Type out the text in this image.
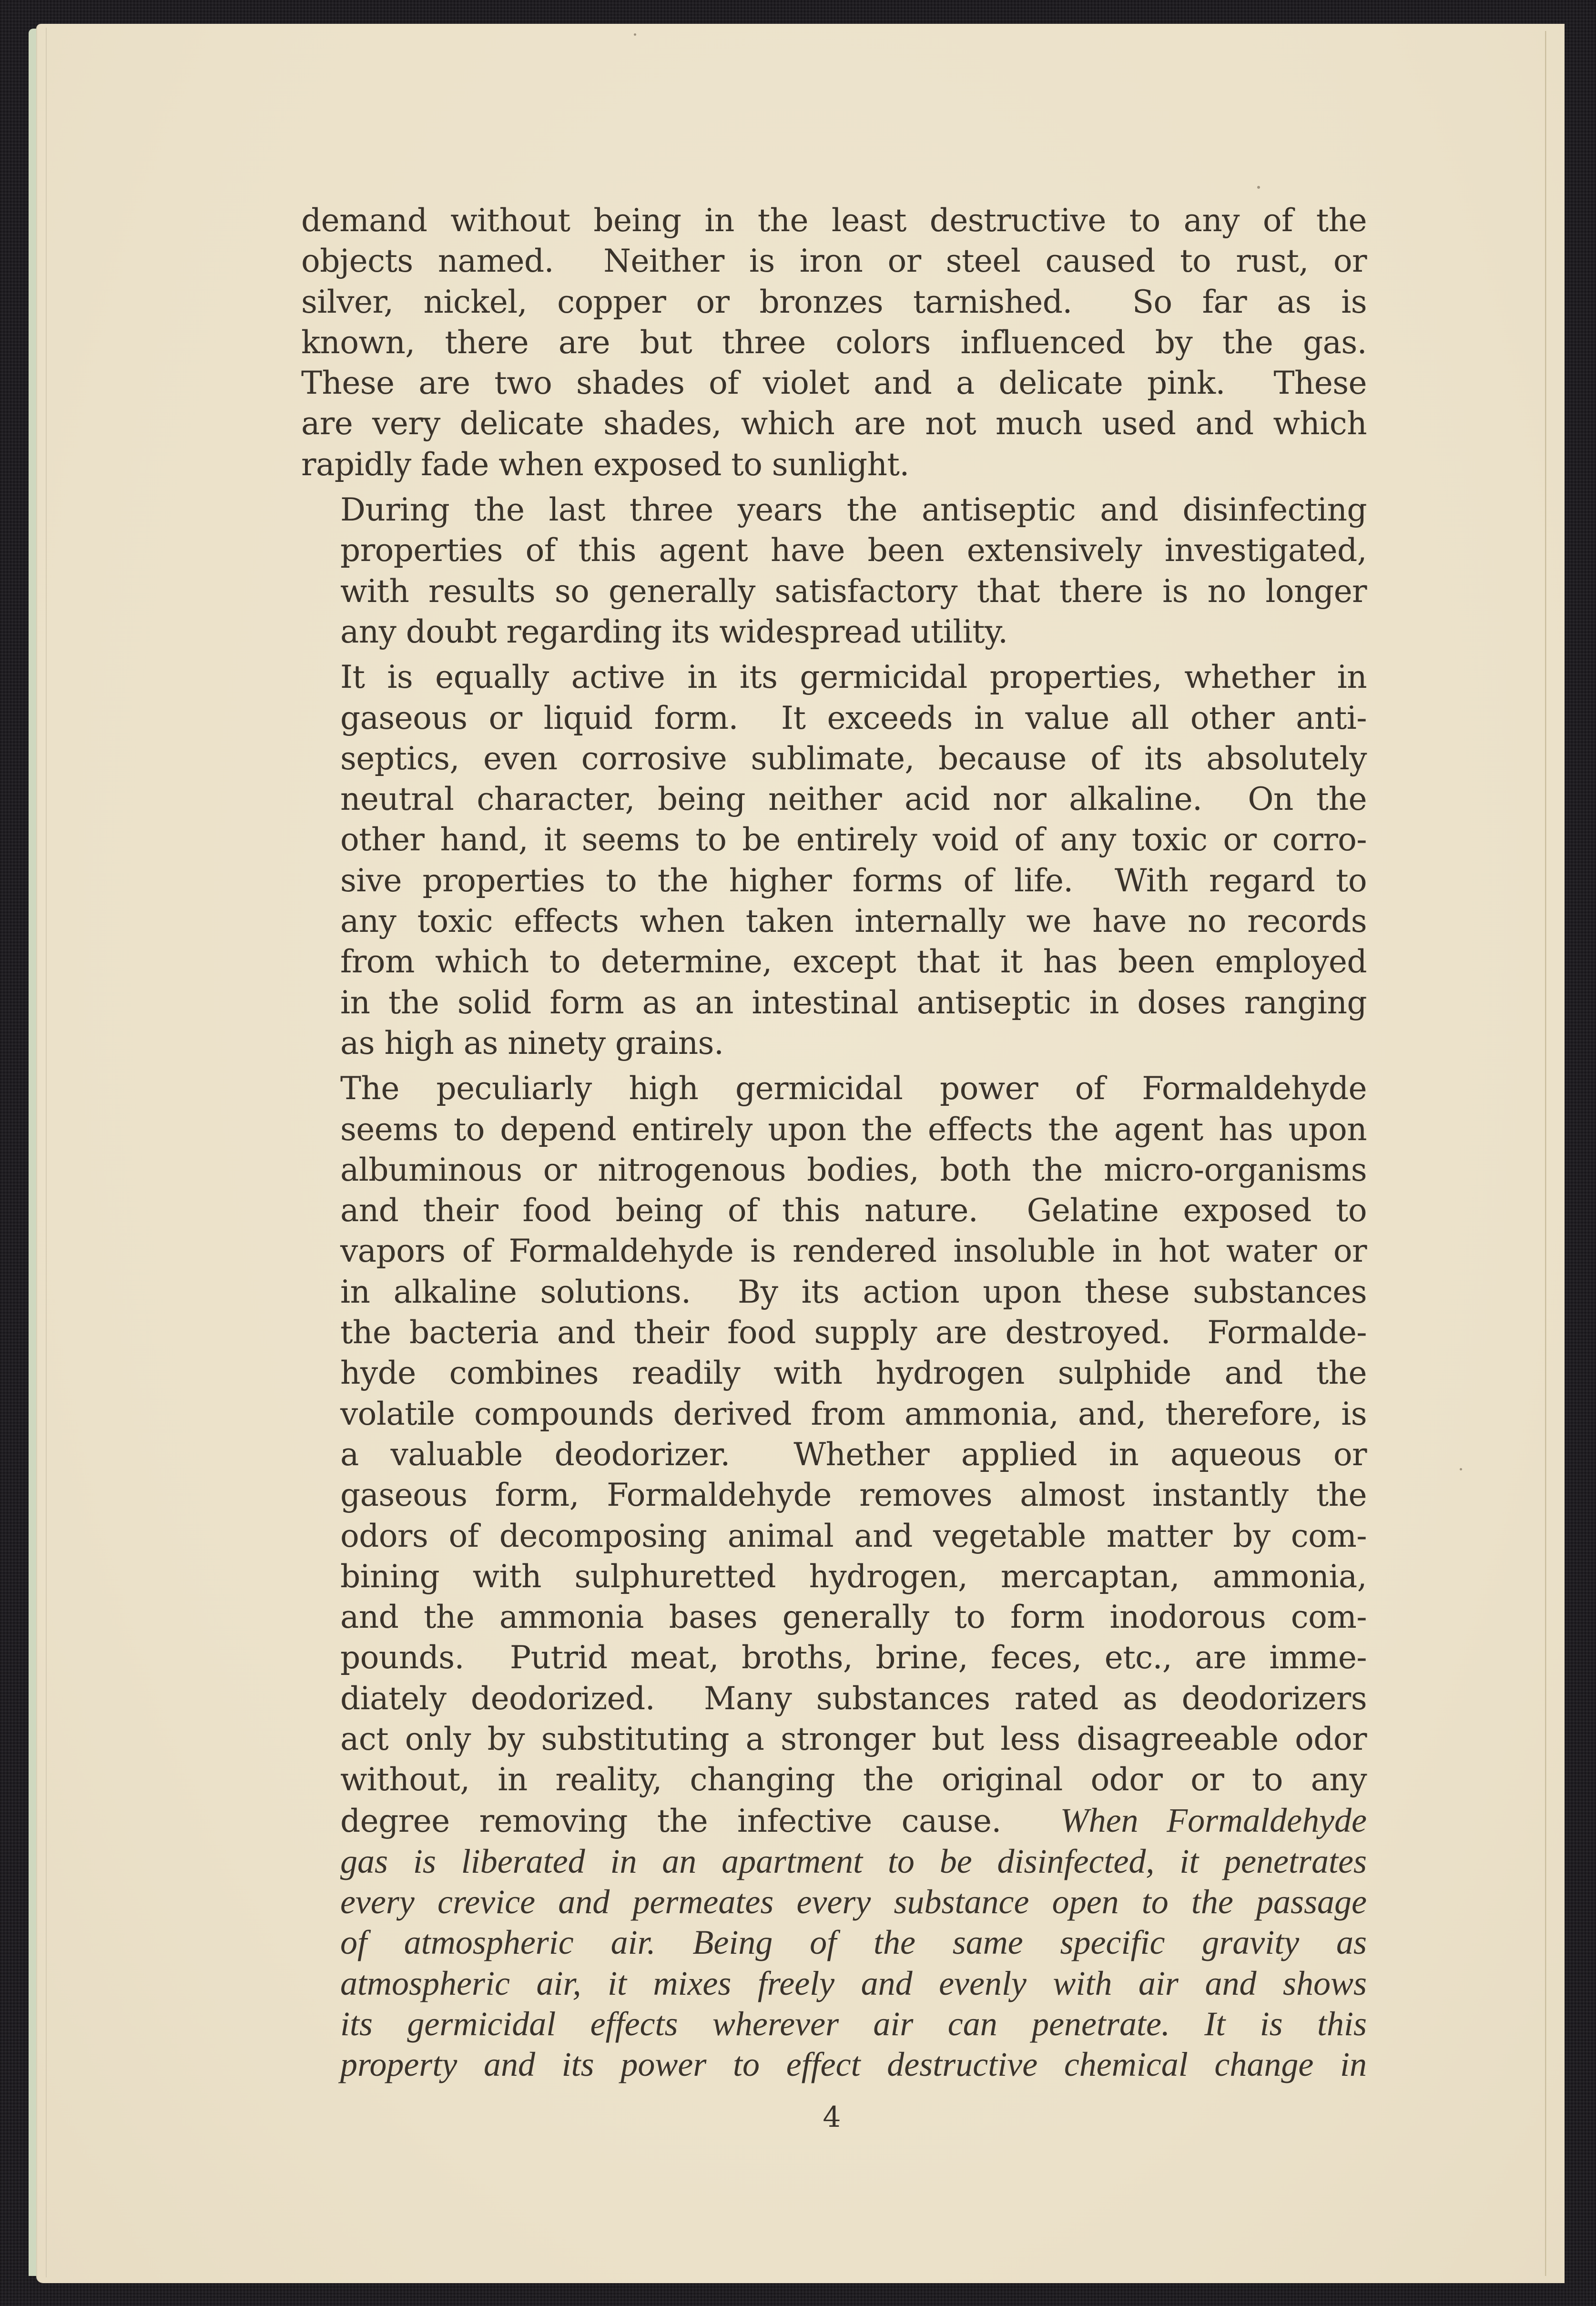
demand without being in the least destructive to any of the
objects named.  Neither is iron or steel caused to rust, or
silver, nickel, copper or bronzes tarnished.  So far as is
known, there are but three colors influenced by the gas.
These are two shades of violet and a delicate pink.  These
are very delicate shades, which are not much used and which
rapidly fade when exposed to sunlight.
During the last three years the antiseptic and disinfecting
properties of this agent have been extensively investigated,
with results so generally satisfactory that there is no longer
any doubt regarding its widespread utility.
It is equally active in its germicidal properties, whether in
gaseous or liquid form.  It exceeds in value all other anti-
septics, even corrosive sublimate, because of its absolutely
neutral character, being neither acid nor alkaline.  On the
other hand, it seems to be entirely void of any toxic or corro-
sive properties to the higher forms of life.  With regard to
any toxic effects when taken internally we have no records
from which to determine, except that it has been employed
in the solid form as an intestinal antiseptic in doses ranging
as high as ninety grains.
The peculiarly high germicidal power of Formaldehyde
seems to depend entirely upon the effects the agent has upon
albuminous or nitrogenous bodies, both the micro-organisms
and their food being of this nature.  Gelatine exposed to
vapors of Formaldehyde is rendered insoluble in hot water or
in alkaline solutions.  By its action upon these substances
the bacteria and their food supply are destroyed.  Formalde-
hyde combines readily with hydrogen sulphide and the
volatile compounds derived from ammonia, and, therefore, is
a valuable deodorizer.  Whether applied in aqueous or
gaseous form, Formaldehyde removes almost instantly the
odors of decomposing animal and vegetable matter by com-
bining with sulphuretted hydrogen, mercaptan, ammonia,
and the ammonia bases generally to form inodorous com-
pounds.  Putrid meat, broths, brine, feces, etc., are imme-
diately deodorized.  Many substances rated as deodorizers
act only by substituting a stronger but less disagreeable odor
without, in reality, changing the original odor or to any
degree removing the infective cause.  When Formaldehyde
gas is liberated in an apartment to be disinfected, it penetrates
every crevice and permeates every substance open to the passage
of atmospheric air. Being of the same specific gravity as
atmospheric air, it mixes freely and evenly with air and shows
its germicidal effects wherever air can penetrate. It is this
property and its power to effect destructive chemical change in
4
